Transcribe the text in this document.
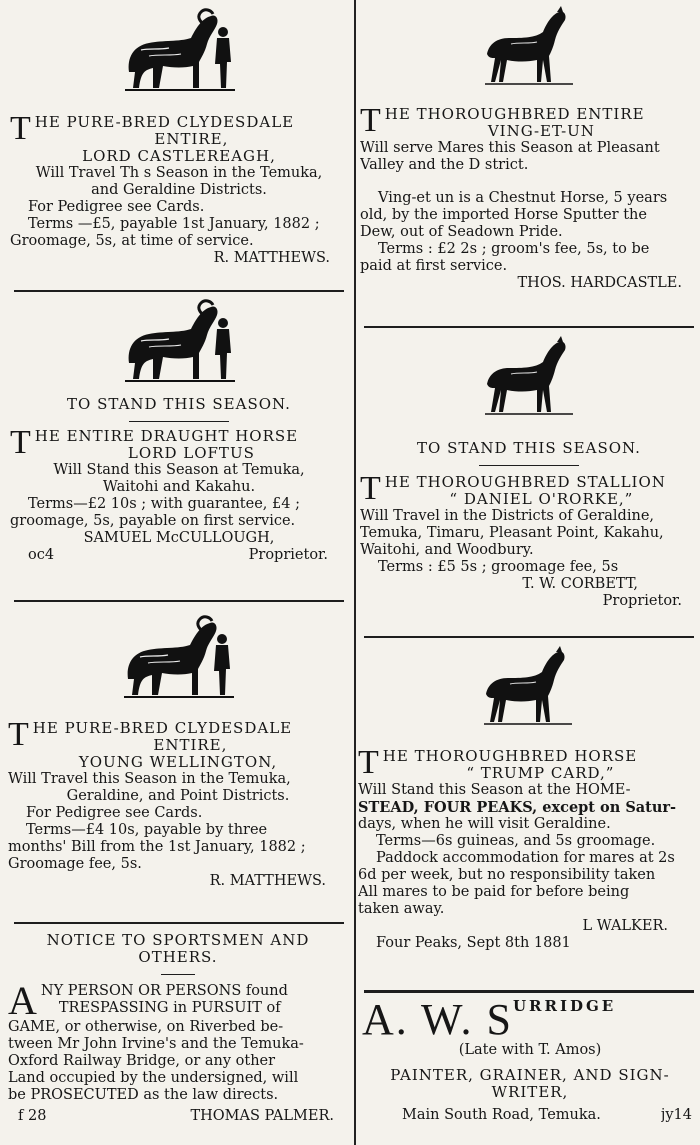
T HE PURE-BRED CLYDESDALE
ENTIRE,
LORD CASTLEREAGH,
Will Travel Th s Season in the Temuka,
and Geraldine Districts.
For Pedigree see Cards.
Terms —£5, payable 1st January, 1882 ;
Groomage, 5s, at time of service.
R. MATTHEWS.
TO STAND THIS SEASON.
T HE ENTIRE DRAUGHT HORSE
LORD LOFTUS
Will Stand this Season at Temuka,
Waitohi and Kakahu.
Terms—£2 10s ; with guarantee, £4 ;
groomage, 5s, payable on first service.
SAMUEL McCULLOUGH,
oc4	Proprietor.
T HE PURE-BRED CLYDESDALE
ENTIRE,
YOUNG WELLINGTON,
Will Travel this Season in the Temuka,
Geraldine, and Point Districts.
For Pedigree see Cards.
Terms—£4 10s, payable by three
months' Bill from the 1st January, 1882 ;
Groomage fee, 5s.
R. MATTHEWS.
NOTICE TO SPORTSMEN AND
OTHERS.
A NY PERSON OR PERSONS found
TRESPASSING in PURSUIT of
GAME, or otherwise, on Riverbed be-
tween Mr John Irvine's and the Temuka-
Oxford Railway Bridge, or any other
Land occupied by the undersigned, will
be PROSECUTED as the law directs.
f 28	THOMAS PALMER.
T HE THOROUGHBRED ENTIRE
VING-ET-UN
Will serve Mares this Season at Pleasant
Valley and the D strict.
Ving-et un is a Chestnut Horse, 5 years
old, by the imported Horse Sputter the
Dew, out of Seadown Pride.
Terms : £2 2s ; groom's fee, 5s, to be
paid at first service.
THOS. HARDCASTLE.
TO STAND THIS SEASON.
T HE THOROUGHBRED STALLION
“ DANIEL O'RORKE,”
Will Travel in the Districts of Geraldine,
Temuka, Timaru, Pleasant Point, Kakahu,
Waitohi, and Woodbury.
Terms : £5 5s ; groomage fee, 5s
T. W. CORBETT,
Proprietor.
T HE THOROUGHBRED HORSE
“ TRUMP CARD,”
Will Stand this Season at the HOME-
STEAD, FOUR PEAKS, except on Satur-
days, when he will visit Geraldine.
Terms—6s guineas, and 5s groomage.
Paddock accommodation for mares at 2s
6d per week, but no responsibility taken
All mares to be paid for before being
taken away.
L WALKER.
Four Peaks, Sept 8th 1881
A. W. SURRIDGE
(Late with T. Amos)
PAINTER, GRAINER, AND SIGN-
WRITER,
Main South Road, Temuka.	jy14
